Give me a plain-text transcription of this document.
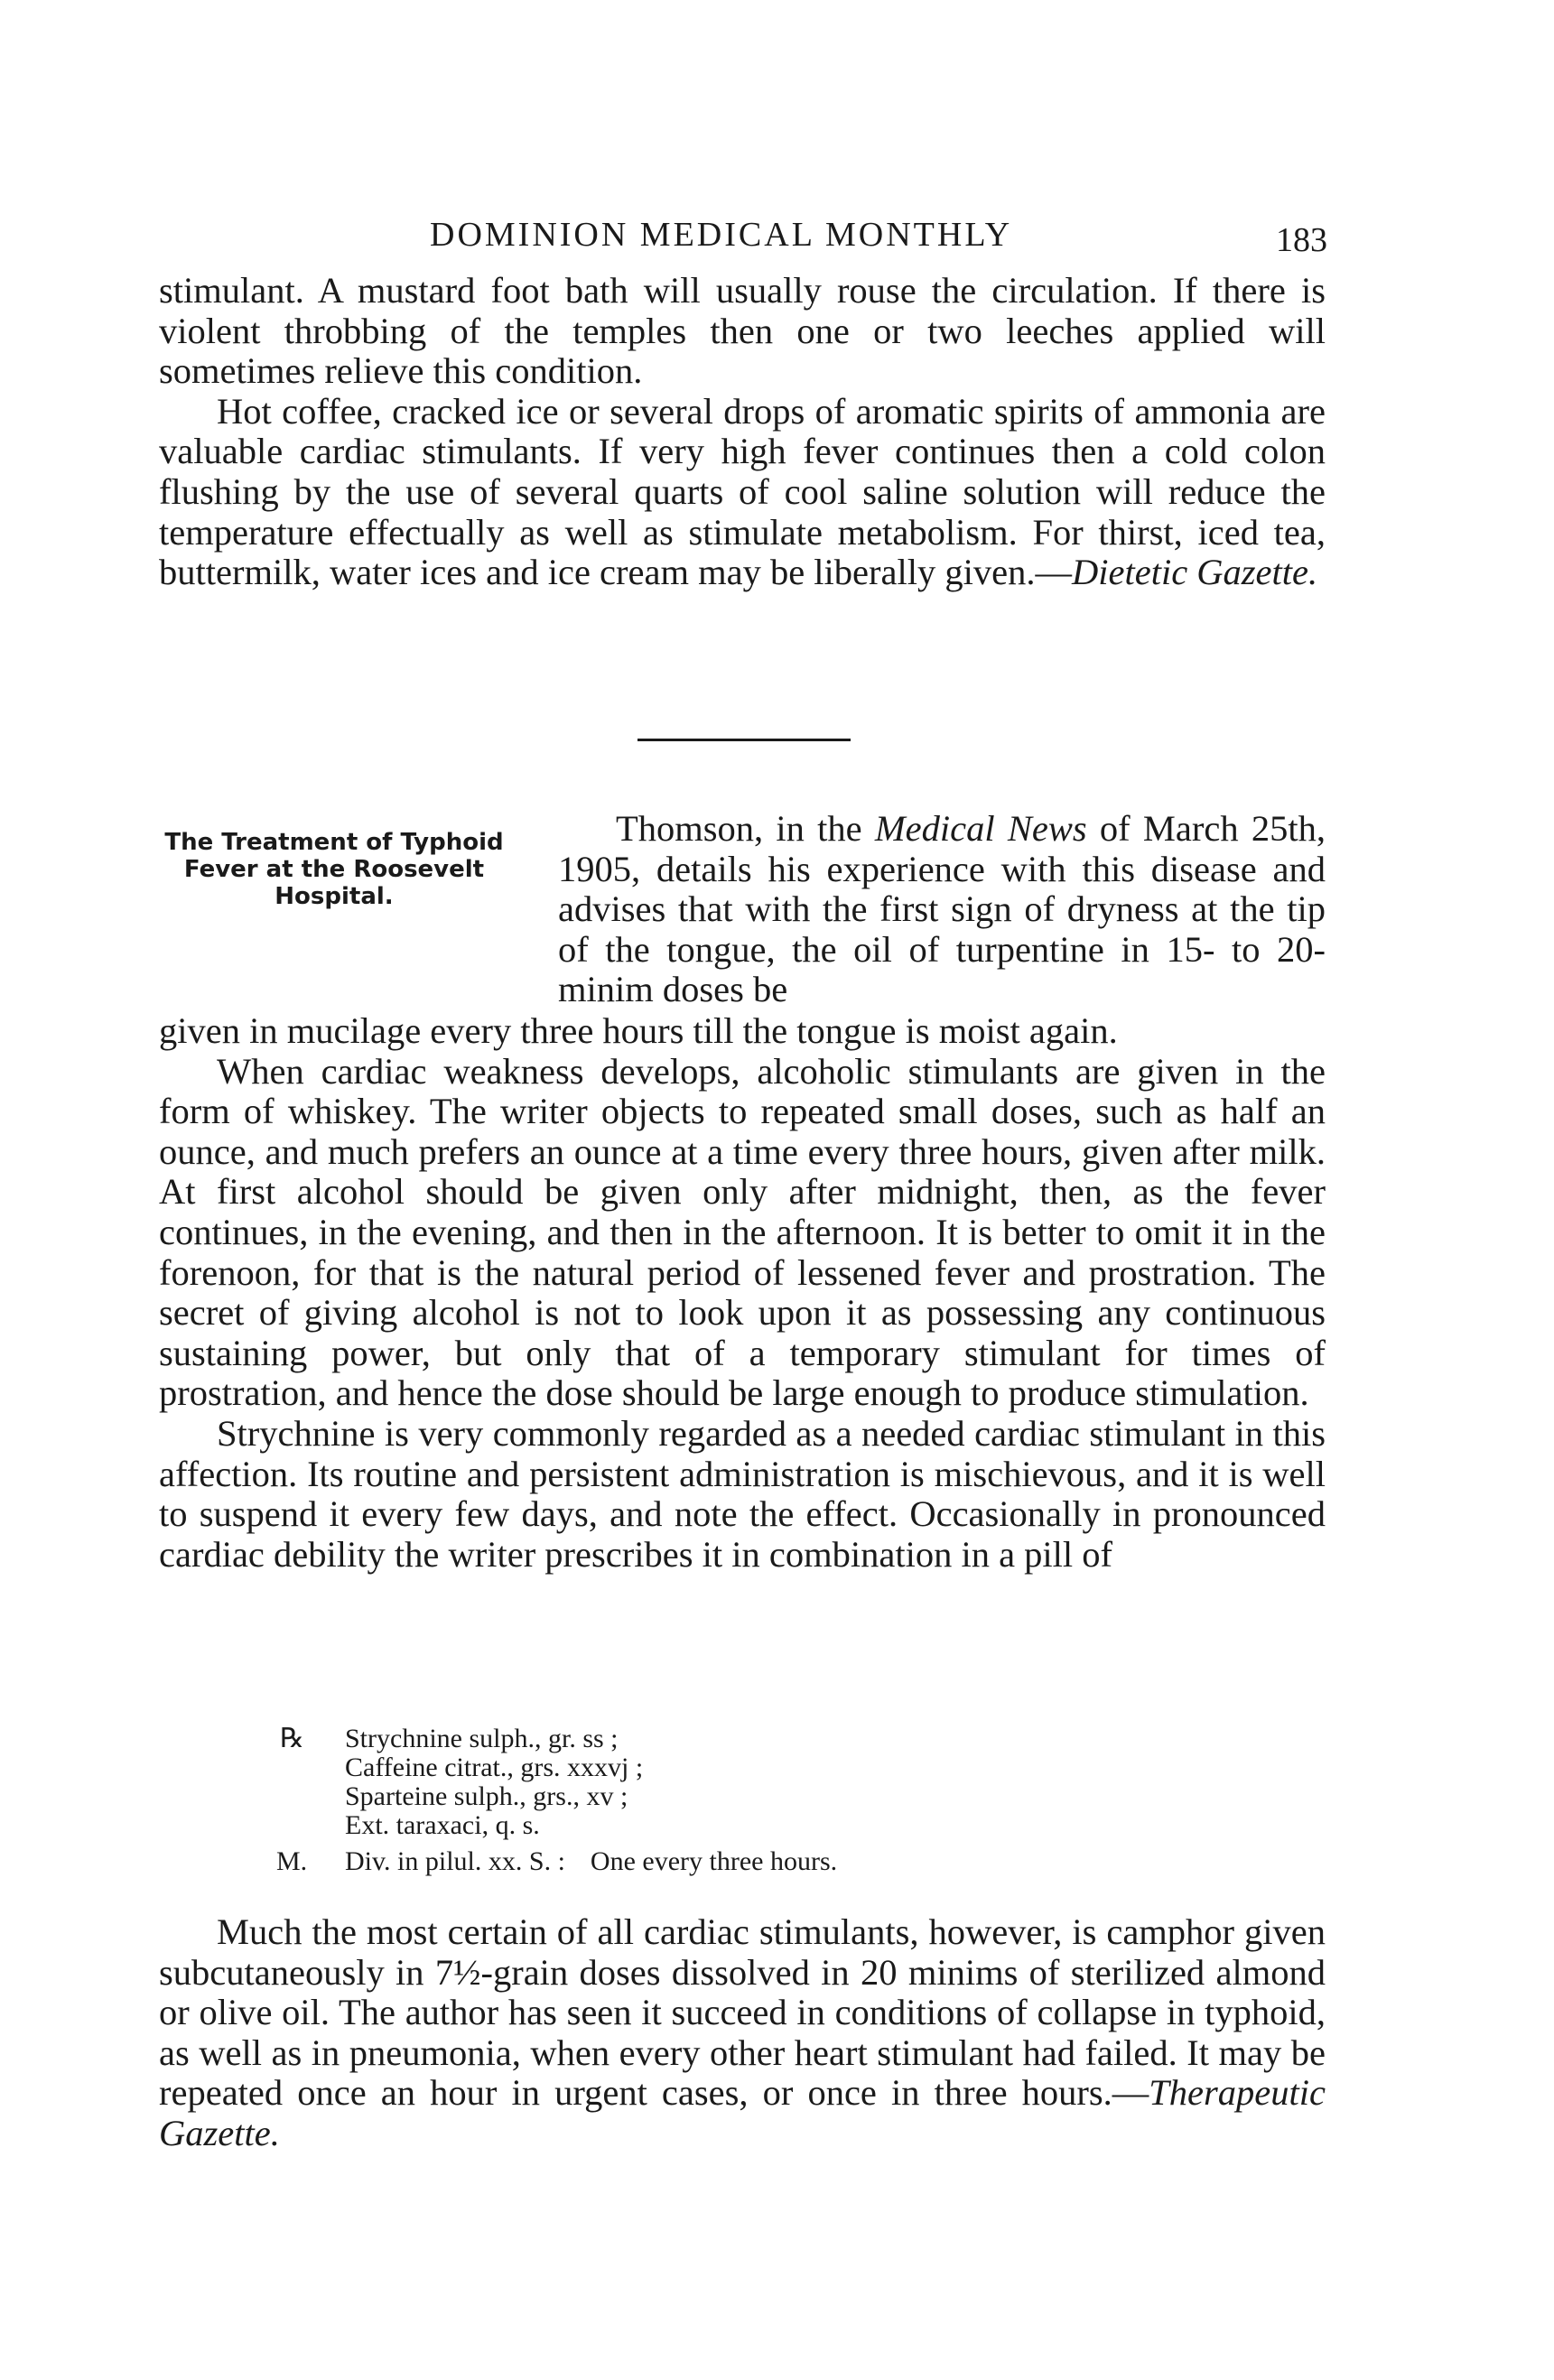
DOMINION MEDICAL MONTHLY	183

stimulant. A mustard foot bath will usually rouse the circulation. If there is violent throbbing of the temples then one or two leeches applied will sometimes relieve this condition.

Hot coffee, cracked ice or several drops of aromatic spirits of ammonia are valuable cardiac stimulants. If very high fever continues then a cold colon flushing by the use of several quarts of cool saline solution will reduce the temperature effectually as well as stimulate metabolism. For thirst, iced tea, buttermilk, water ices and ice cream may be liberally given.—Dietetic Gazette.

The Treatment of Typhoid Fever at the Roosevelt Hospital.

Thomson, in the Medical News of March 25th, 1905, details his experience with this disease and advises that with the first sign of dryness at the tip of the tongue, the oil of turpentine in 15- to 20-minim doses be

given in mucilage every three hours till the tongue is moist again.

When cardiac weakness develops, alcoholic stimulants are given in the form of whiskey. The writer objects to repeated small doses, such as half an ounce, and much prefers an ounce at a time every three hours, given after milk. At first alcohol should be given only after midnight, then, as the fever continues, in the evening, and then in the afternoon. It is better to omit it in the forenoon, for that is the natural period of lessened fever and prostration. The secret of giving alcohol is not to look upon it as possessing any continuous sustaining power, but only that of a temporary stimulant for times of prostration, and hence the dose should be large enough to produce stimulation.

Strychnine is very commonly regarded as a needed cardiac stimulant in this affection. Its routine and persistent administration is mischievous, and it is well to suspend it every few days, and note the effect. Occasionally in pronounced cardiac debility the writer prescribes it in combination in a pill of

℞ Strychnine sulph., gr. ss ;
Caffeine citrat., grs. xxxvj ;
Sparteine sulph., grs., xv ;
Ext. taraxaci, q. s.
M. Div. in pilul. xx. S. : One every three hours.

Much the most certain of all cardiac stimulants, however, is camphor given subcutaneously in 7½-grain doses dissolved in 20 minims of sterilized almond or olive oil. The author has seen it succeed in conditions of collapse in typhoid, as well as in pneumonia, when every other heart stimulant had failed. It may be repeated once an hour in urgent cases, or once in three hours.—Therapeutic Gazette.
